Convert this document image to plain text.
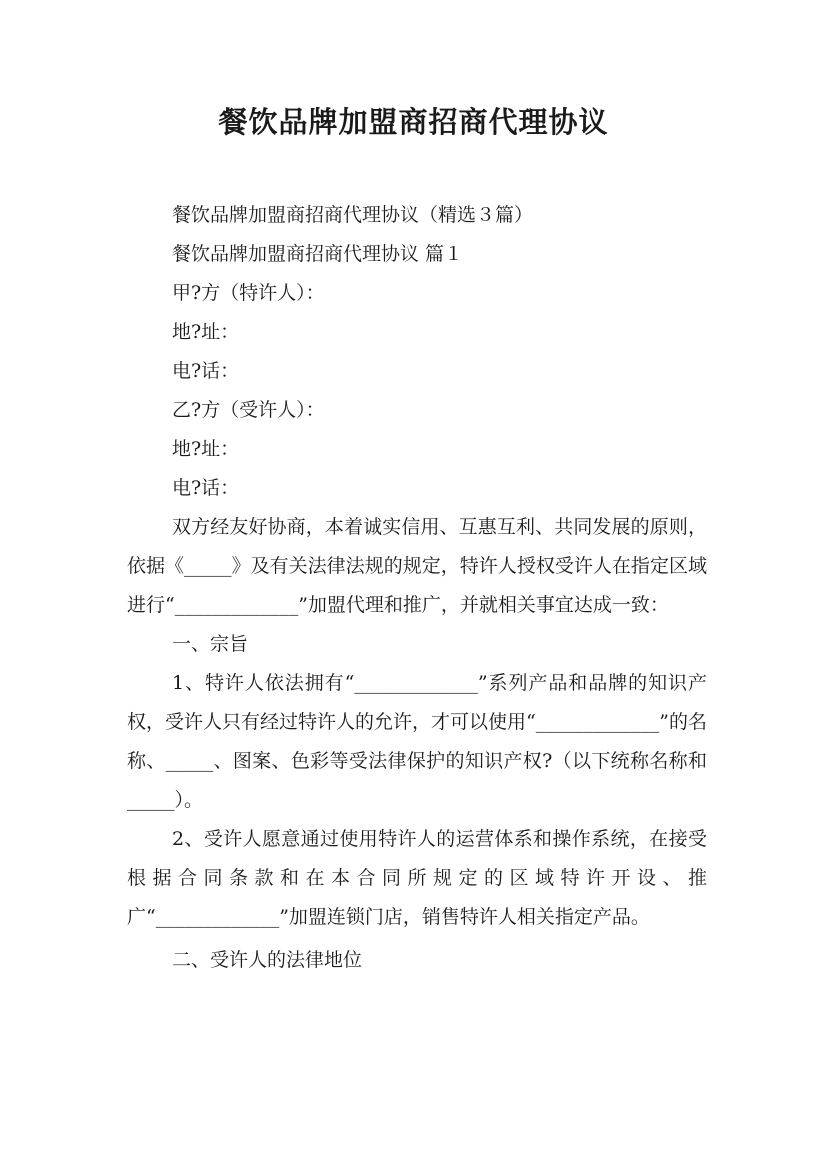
餐饮品牌加盟商招商代理协议

餐饮品牌加盟商招商代理协议（精选３篇）

餐饮品牌加盟商招商代理协议 篇１

甲?方（特许人）：

地?址：

电?话：

乙?方（受许人）：

地?址：

电?话：

双方经友好协商，本着诚实信用、互惠互利、共同发展的原则，依据《_____》及有关法律法规的规定，特许人授权受许人在指定区域进行“_____________”加盟代理和推广，并就相关事宜达成一致：

一、宗旨

1、特许人依法拥有“_____________”系列产品和品牌的知识产权，受许人只有经过特许人的允许，才可以使用“_____________”的名称、_____、图案、色彩等受法律保护的知识产权?（以下统称名称和_____）。

2、受许人愿意通过使用特许人的运营体系和操作系统，在接受根据合同条款和在本合同所规定的区域特许开设、推广“_____________”加盟连锁门店，销售特许人相关指定产品。

二、受许人的法律地位
